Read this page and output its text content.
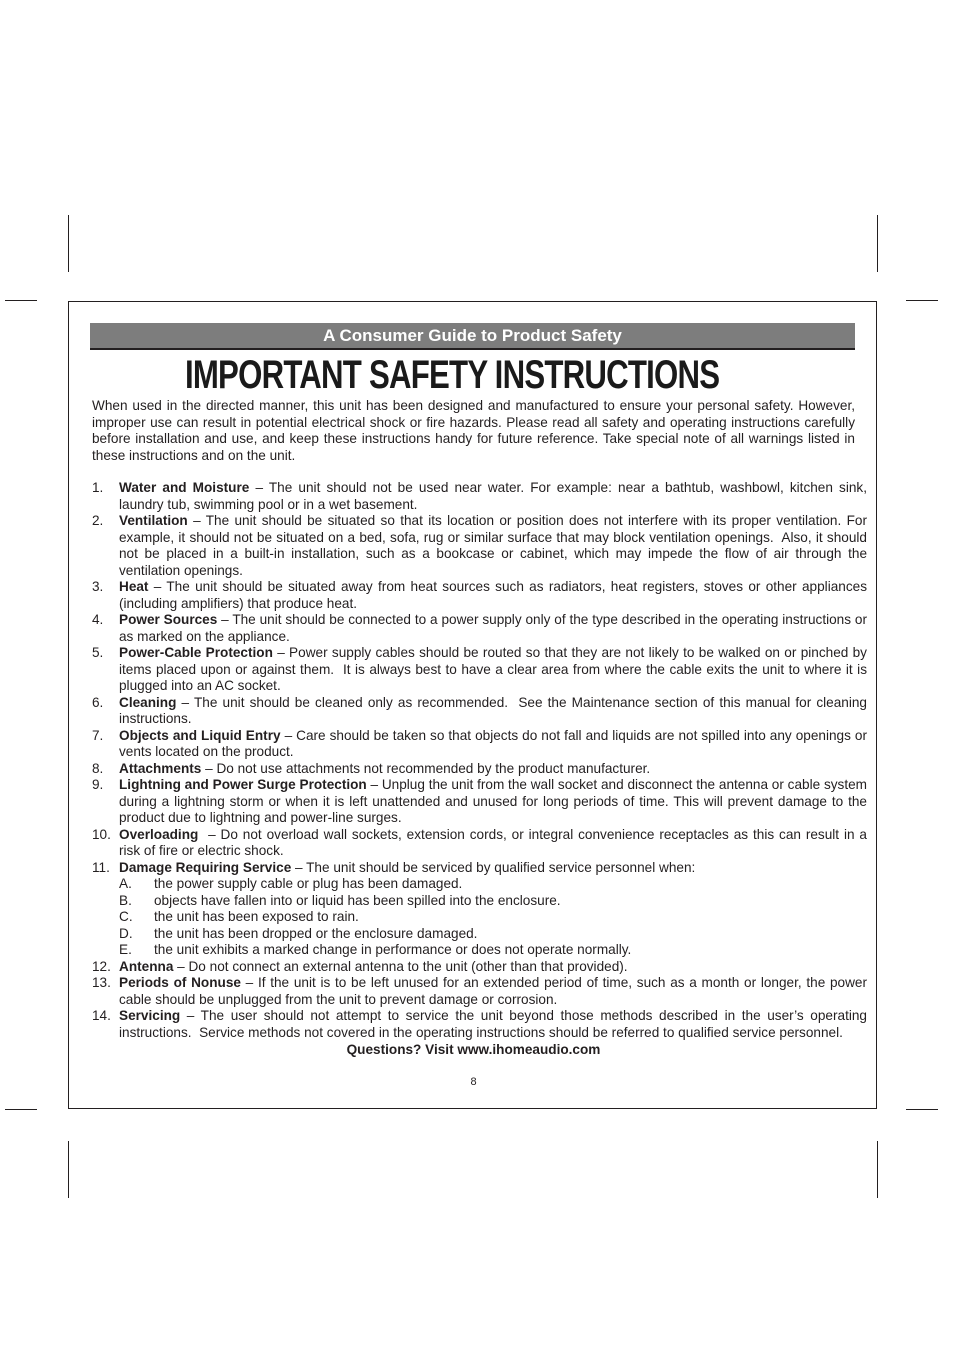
A Consumer Guide to Product Safety
IMPORTANT SAFETY INSTRUCTIONS
When used in the directed manner, this unit has been designed and manufactured to ensure your personal safety. However, improper use can result in potential electrical shock or fire hazards. Please read all safety and operating instructions carefully before installation and use, and keep these instructions handy for future reference. Take special note of all warnings listed in these instructions and on the unit.
1. Water and Moisture – The unit should not be used near water. For example: near a bathtub, washbowl, kitchen sink, laundry tub, swimming pool or in a wet basement.
2. Ventilation – The unit should be situated so that its location or position does not interfere with its proper ventilation. For example, it should not be situated on a bed, sofa, rug or similar surface that may block ventilation openings.  Also, it should not be placed in a built-in installation, such as a bookcase or cabinet, which may impede the flow of air through the ventilation openings.
3. Heat – The unit should be situated away from heat sources such as radiators, heat registers, stoves or other appliances (including amplifiers) that produce heat.
4. Power Sources – The unit should be connected to a power supply only of the type described in the operating instructions or as marked on the appliance.
5. Power-Cable Protection – Power supply cables should be routed so that they are not likely to be walked on or pinched by items placed upon or against them.  It is always best to have a clear area from where the cable exits the unit to where it is plugged into an AC socket.
6. Cleaning – The unit should be cleaned only as recommended.  See the Maintenance section of this manual for cleaning instructions.
7. Objects and Liquid Entry – Care should be taken so that objects do not fall and liquids are not spilled into any openings or vents located on the product.
8. Attachments – Do not use attachments not recommended by the product manufacturer.
9. Lightning and Power Surge Protection – Unplug the unit from the wall socket and disconnect the antenna or cable system during a lightning storm or when it is left unattended and unused for long periods of time. This will prevent damage to the product due to lightning and power-line surges.
10. Overloading  – Do not overload wall sockets, extension cords, or integral convenience receptacles as this can result in a risk of fire or electric shock.
11. Damage Requiring Service – The unit should be serviced by qualified service personnel when:
A. the power supply cable or plug has been damaged.
B. objects have fallen into or liquid has been spilled into the enclosure.
C. the unit has been exposed to rain.
D. the unit has been dropped or the enclosure damaged.
E. the unit exhibits a marked change in performance or does not operate normally.
12. Antenna – Do not connect an external antenna to the unit (other than that provided).
13. Periods of Nonuse – If the unit is to be left unused for an extended period of time, such as a month or longer, the power cable should be unplugged from the unit to prevent damage or corrosion.
14. Servicing – The user should not attempt to service the unit beyond those methods described in the user’s operating instructions.  Service methods not covered in the operating instructions should be referred to qualified service personnel.
Questions? Visit www.ihomeaudio.com
8
